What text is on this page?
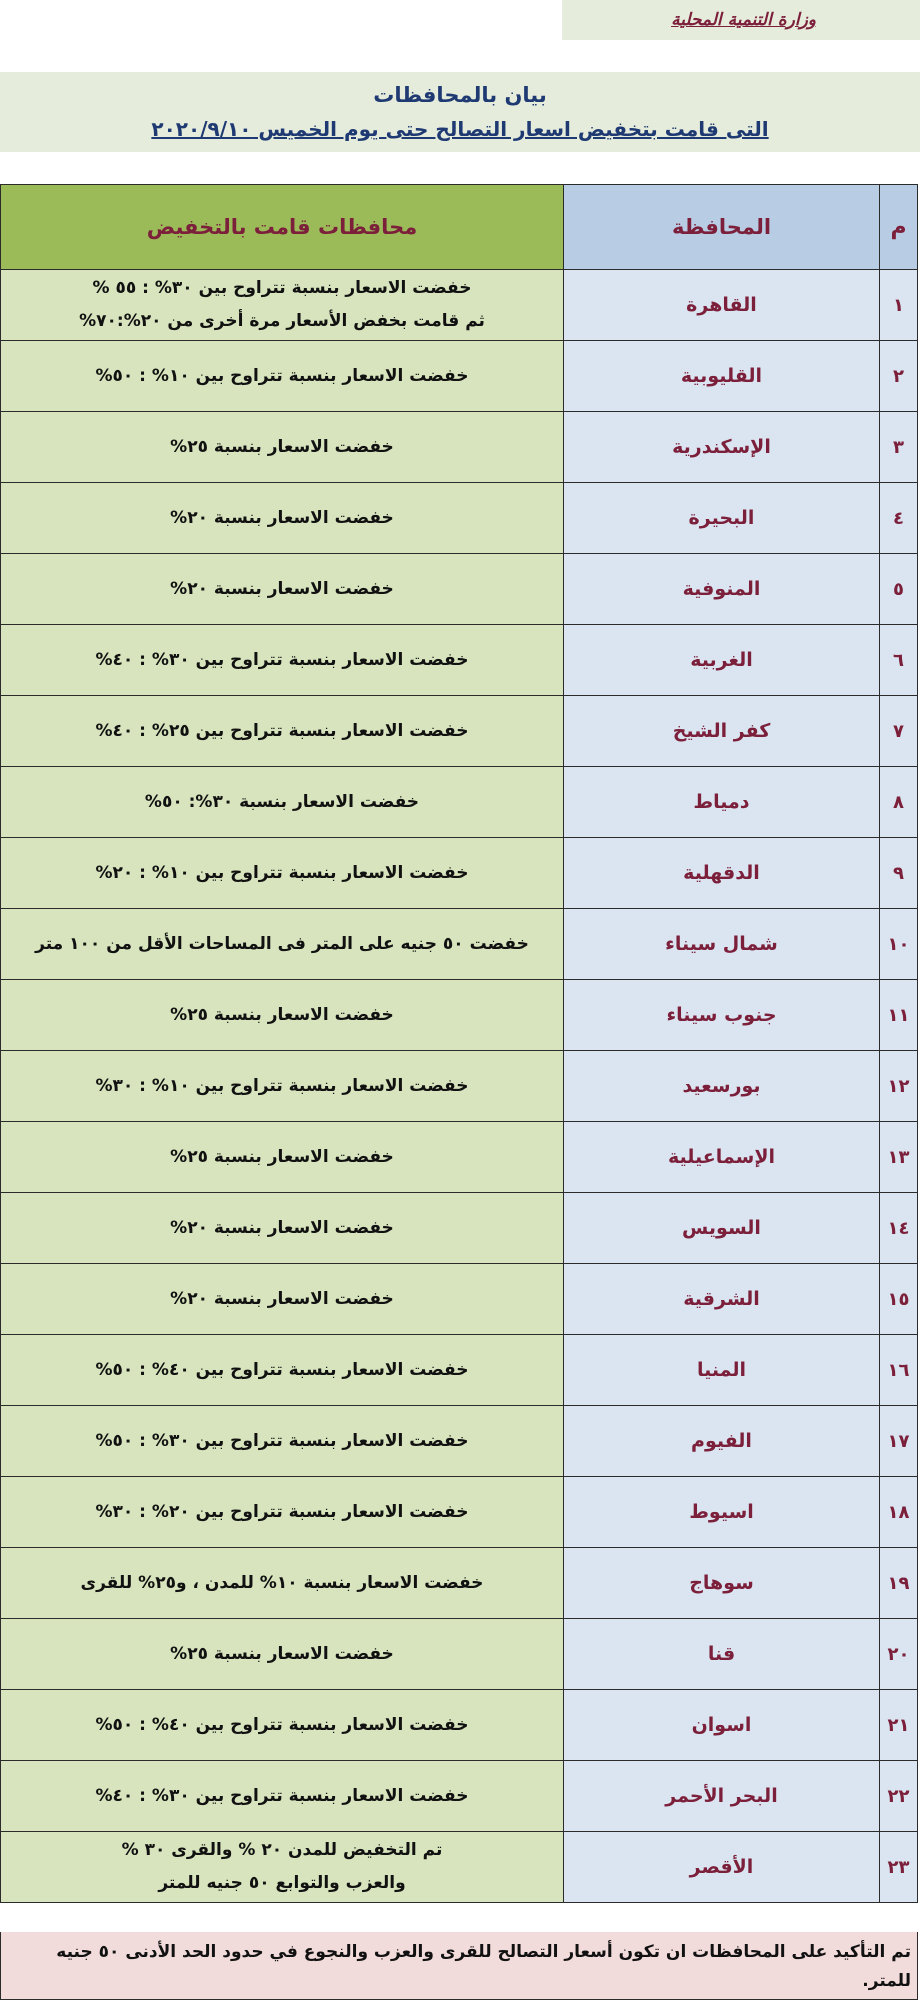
وزارة التنمية المحلية
بيان بالمحافظات
التى قامت بتخفيض اسعار التصالح حتى يوم الخميس ٢٠٢٠/٩/١٠
م	المحافظة	محافظات قامت بالتخفيض
١	القاهرة	خفضت الاسعار بنسبة تتراوح بين ٣٠% : ٥٥ %
ثم قامت بخفض الأسعار مرة أخرى من ٢٠%:٧٠%

٢	القليوبية	خفضت الاسعار بنسبة تتراوح بين ١٠% : ٥٠%

٣	الإسكندرية	خفضت الاسعار بنسبة ٢٥%

٤	البحيرة	خفضت الاسعار بنسبة ٢٠%

٥	المنوفية	خفضت الاسعار بنسبة ٢٠%

٦	الغربية	خفضت الاسعار بنسبة تتراوح بين ٣٠% : ٤٠%

٧	كفر الشيخ	خفضت الاسعار بنسبة تتراوح بين ٢٥% : ٤٠%

٨	دمياط	خفضت الاسعار بنسبة ٣٠%: ٥٠%

٩	الدقهلية	خفضت الاسعار بنسبة تتراوح بين ١٠% : ٢٠%

١٠	شمال سيناء	خفضت ٥٠ جنيه على المتر فى المساحات الأقل من ١٠٠ متر

١١	جنوب سيناء	خفضت الاسعار بنسبة ٢٥%

١٢	بورسعيد	خفضت الاسعار بنسبة تتراوح بين ١٠% : ٣٠%

١٣	الإسماعيلية	خفضت الاسعار بنسبة ٢٥%

١٤	السويس	خفضت الاسعار بنسبة ٢٠%

١٥	الشرقية	خفضت الاسعار بنسبة ٢٠%

١٦	المنيا	خفضت الاسعار بنسبة تتراوح بين ٤٠% : ٥٠%

١٧	الفيوم	خفضت الاسعار بنسبة تتراوح بين ٣٠% : ٥٠%

١٨	اسيوط	خفضت الاسعار بنسبة تتراوح بين ٢٠% : ٣٠%

١٩	سوهاج	خفضت الاسعار بنسبة ١٠% للمدن ، و٢٥% للقرى

٢٠	قنا	خفضت الاسعار بنسبة ٢٥%

٢١	اسوان	خفضت الاسعار بنسبة تتراوح بين ٤٠% : ٥٠%

٢٢	البحر الأحمر	خفضت الاسعار بنسبة تتراوح بين ٣٠% : ٤٠%

٢٣	الأقصر	تم التخفيض للمدن ٢٠ % والقرى ٣٠ %
والعزب والتوابع ٥٠ جنيه للمتر
تم التأكيد على المحافظات ان تكون أسعار التصالح للقرى والعزب والنجوع في حدود الحد الأدنى ٥٠ جنيه للمتر.
